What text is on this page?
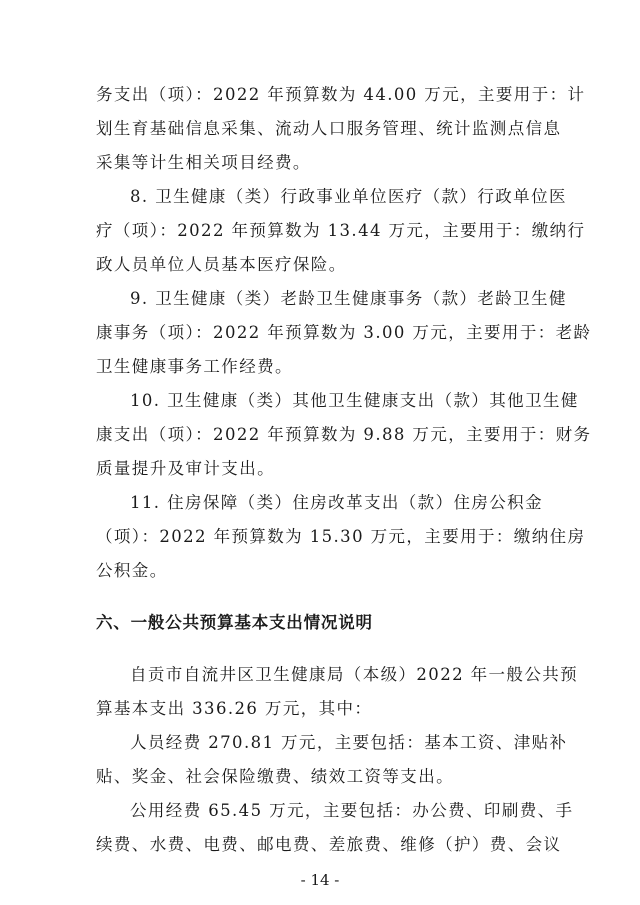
务支出（项）：2022 年预算数为 44.00 万元，主要用于：计
划生育基础信息采集、流动人口服务管理、统计监测点信息
采集等计生相关项目经费。
8. 卫生健康（类）行政事业单位医疗（款）行政单位医
疗（项）：2022 年预算数为 13.44 万元，主要用于：缴纳行
政人员单位人员基本医疗保险。
9. 卫生健康（类）老龄卫生健康事务（款）老龄卫生健
康事务（项）：2022 年预算数为 3.00 万元，主要用于：老龄
卫生健康事务工作经费。
10. 卫生健康（类）其他卫生健康支出（款）其他卫生健
康支出（项）：2022 年预算数为 9.88 万元，主要用于：财务
质量提升及审计支出。
11. 住房保障（类）住房改革支出（款）住房公积金
（项）：2022 年预算数为 15.30 万元，主要用于：缴纳住房
公积金。
六、一般公共预算基本支出情况说明
自贡市自流井区卫生健康局（本级）2022 年一般公共预
算基本支出 336.26 万元，其中：
人员经费 270.81 万元，主要包括：基本工资、津贴补
贴、奖金、社会保险缴费、绩效工资等支出。
公用经费 65.45 万元，主要包括：办公费、印刷费、手
续费、水费、电费、邮电费、差旅费、维修（护）费、会议
- 14 -
